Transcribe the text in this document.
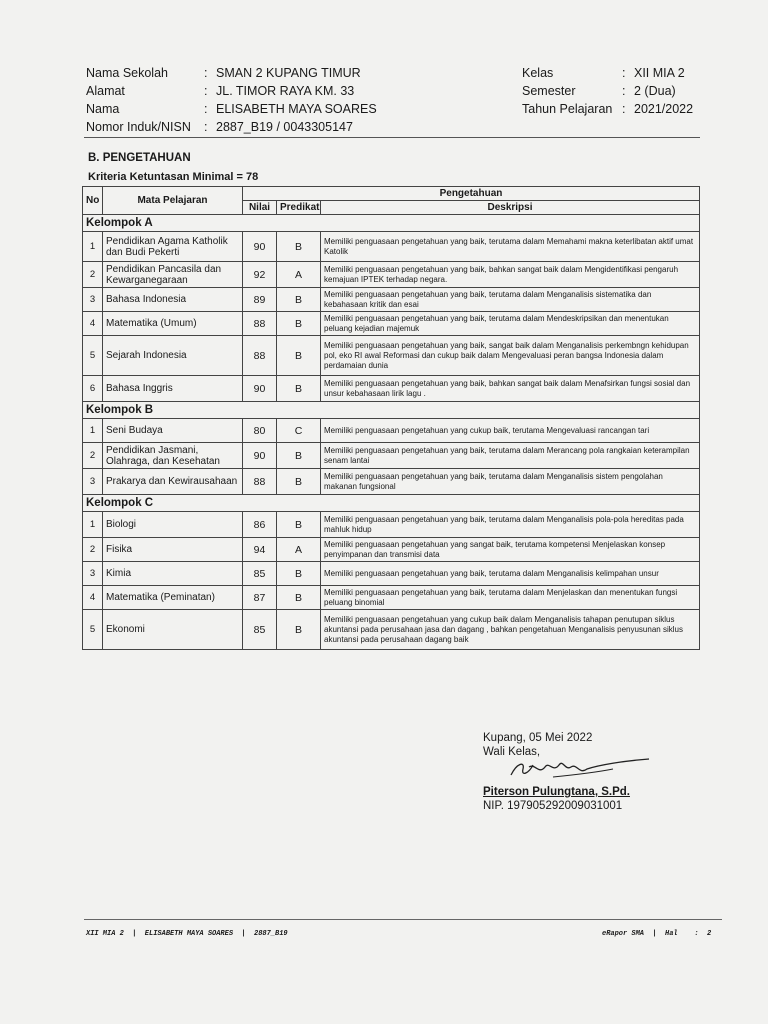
Nama Sekolah	: SMAN 2 KUPANG TIMUR
Alamat	: JL. TIMOR RAYA KM. 33
Nama	: ELISABETH MAYA SOARES
Nomor Induk/NISN	: 2887_B19 / 0043305147
Kelas	: XII MIA 2
Semester	: 2 (Dua)
Tahun Pelajaran : 2021/2022
B. PENGETAHUAN
Kriteria Ketuntasan Minimal = 78
No	Mata Pelajaran	Pengetahuan		
		Nilai	Predikat	Deskripsi
Kelompok A				
1	Pendidikan Agama Katholik dan Budi Pekerti	90	B	Memiliki penguasaan pengetahuan yang baik, terutama dalam Memahami makna keterlibatan aktif umat Katolik
2	Pendidikan Pancasila dan Kewarganegaraan	92	A	Memiliki penguasaan pengetahuan yang baik, bahkan sangat baik dalam Mengidentifikasi pengaruh kemajuan IPTEK terhadap negara.
3	Bahasa Indonesia	89	B	Memiliki penguasaan pengetahuan yang baik, terutama dalam Menganalisis sistematika dan kebahasaan kritik dan esai
4	Matematika (Umum)	88	B	Memiliki penguasaan pengetahuan yang baik, terutama dalam Mendeskripsikan dan menentukan peluang kejadian majemuk
5	Sejarah Indonesia	88	B	Memiliki penguasaan pengetahuan yang baik, sangat baik dalam Menganalisis perkembngn kehidupan pol, eko RI awal Reformasi dan cukup baik dalam Mengevaluasi peran bangsa Indonesia dalam perdamaian dunia
6	Bahasa Inggris	90	B	Memiliki penguasaan pengetahuan yang baik, bahkan sangat baik dalam Menafsirkan fungsi sosial dan unsur kebahasaan lirik lagu .
Kelompok B				
1	Seni Budaya	80	C	Memiliki penguasaan pengetahuan yang cukup baik, terutama Mengevaluasi rancangan tari
2	Pendidikan Jasmani, Olahraga, dan Kesehatan	90	B	Memiliki penguasaan pengetahuan yang baik, terutama dalam Merancang pola rangkaian keterampilan senam lantai
3	Prakarya dan Kewirausahaan	88	B	Memiliki penguasaan pengetahuan yang baik, terutama dalam Menganalisis sistem pengolahan makanan fungsional
Kelompok C				
1	Biologi	86	B	Memiliki penguasaan pengetahuan yang baik, terutama dalam Menganalisis pola-pola hereditas pada mahluk hidup
2	Fisika	94	A	Memiliki penguasaan pengetahuan yang sangat baik, terutama kompetensi Menjelaskan konsep penyimpanan dan transmisi data
3	Kimia	85	B	Memiliki penguasaan pengetahuan yang baik, terutama dalam Menganalisis kelimpahan unsur
4	Matematika (Peminatan)	87	B	Memiliki penguasaan pengetahuan yang baik, terutama dalam Menjelaskan dan menentukan fungsi peluang binomial
5	Ekonomi	85	B	Memiliki penguasaan pengetahuan yang cukup baik dalam Menganalisis tahapan penutupan siklus akuntansi pada perusahaan jasa dan dagang , bahkan pengetahuan Menganalisis penyusunan siklus akuntansi pada perusahaan dagang baik
Kupang, 05 Mei 2022
Wali Kelas,
Piterson Pulungtana, S.Pd.
NIP. 197905292009031001
XII MIA 2  |  ELISABETH MAYA SOARES  |  2887_B19	eRapor SMA  |  Hal    :  2
